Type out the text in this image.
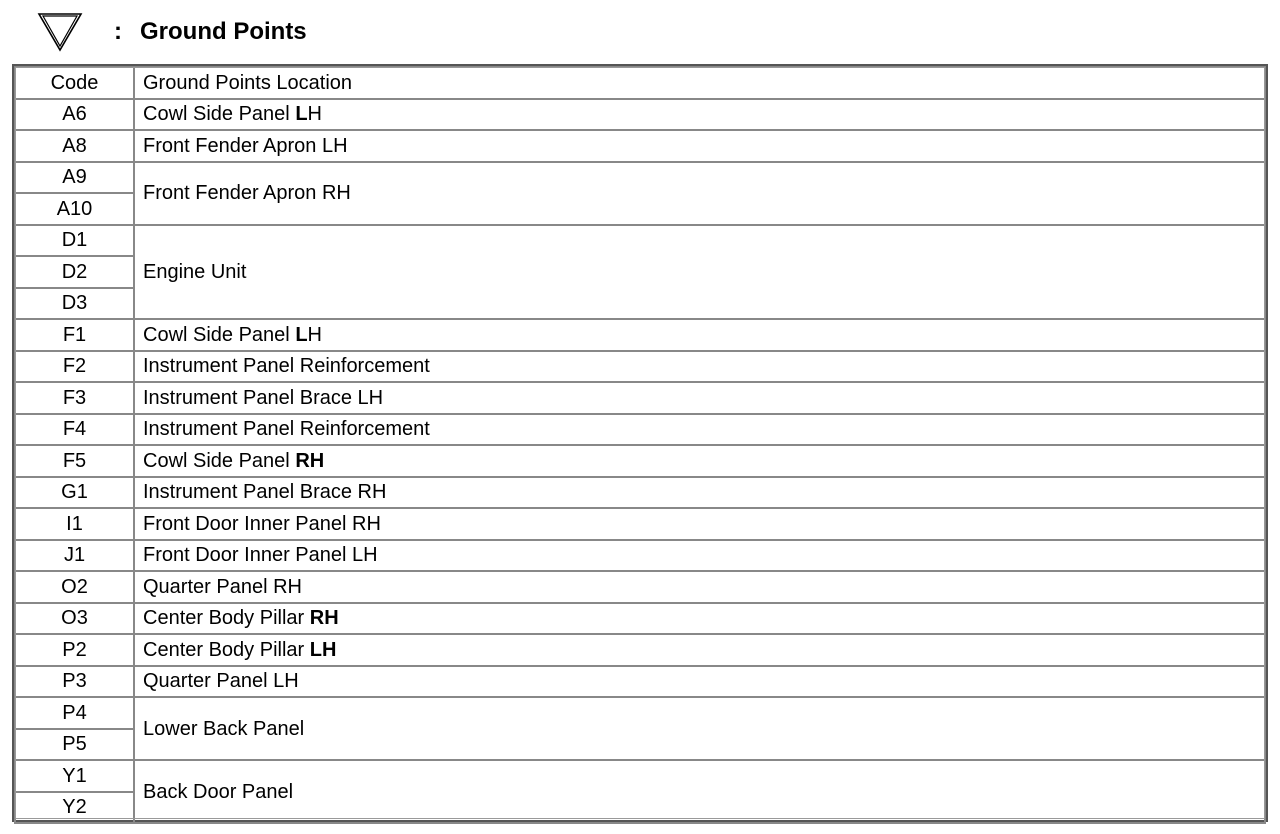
: Ground Points
Code	Ground Points Location
A6	Cowl Side Panel LH
A8	Front Fender Apron LH
A9	Front Fender Apron RH
A10	
D1	Engine Unit
D2	
D3	
F1	Cowl Side Panel LH
F2	Instrument Panel Reinforcement
F3	Instrument Panel Brace LH
F4	Instrument Panel Reinforcement
F5	Cowl Side Panel RH
G1	Instrument Panel Brace RH
I1	Front Door Inner Panel RH
J1	Front Door Inner Panel LH
O2	Quarter Panel RH
O3	Center Body Pillar RH
P2	Center Body Pillar LH
P3	Quarter Panel LH
P4	Lower Back Panel
P5	
Y1	Back Door Panel
Y2	
